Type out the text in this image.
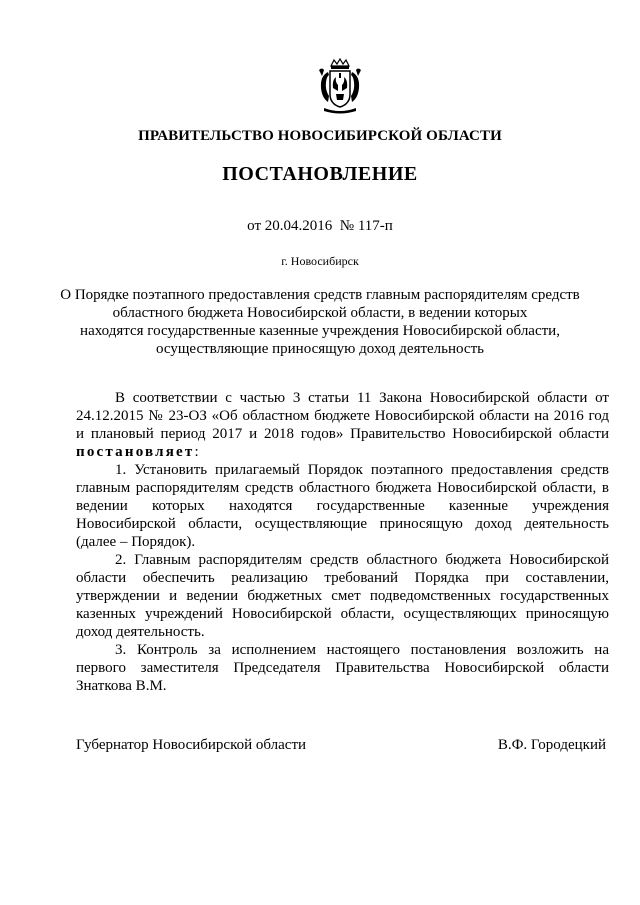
ПРАВИТЕЛЬСТВО НОВОСИБИРСКОЙ ОБЛАСТИ
ПОСТАНОВЛЕНИЕ
от 20.04.2016  № 117-п
г. Новосибирск
О Порядке поэтапного предоставления средств главным распорядителям средств
областного бюджета Новосибирской области, в ведении которых
находятся государственные казенные учреждения Новосибирской области,
осуществляющие приносящую доход деятельность

В соответствии с частью 3 статьи 11 Закона Новосибирской области от 24.12.2015 № 23-ОЗ «Об областном бюджете Новосибирской области на 2016 год и плановый период 2017 и 2018 годов» Правительство Новосибирской области постановляет:

1. Установить прилагаемый Порядок поэтапного предоставления средств главным распорядителям средств областного бюджета Новосибирской области, в ведении которых находятся государственные казенные учреждения Новосибирской области, осуществляющие приносящую доход деятельность (далее – Порядок).

2. Главным распорядителям средств областного бюджета Новосибирской области обеспечить реализацию требований Порядка при составлении, утверждении и ведении бюджетных смет подведомственных государственных казенных учреждений Новосибирской области, осуществляющих приносящую доход деятельность.

3. Контроль за исполнением настоящего постановления возложить на первого заместителя Председателя Правительства Новосибирской области Знаткова В.М.

Губернатор Новосибирской области	В.Ф. Городецкий
